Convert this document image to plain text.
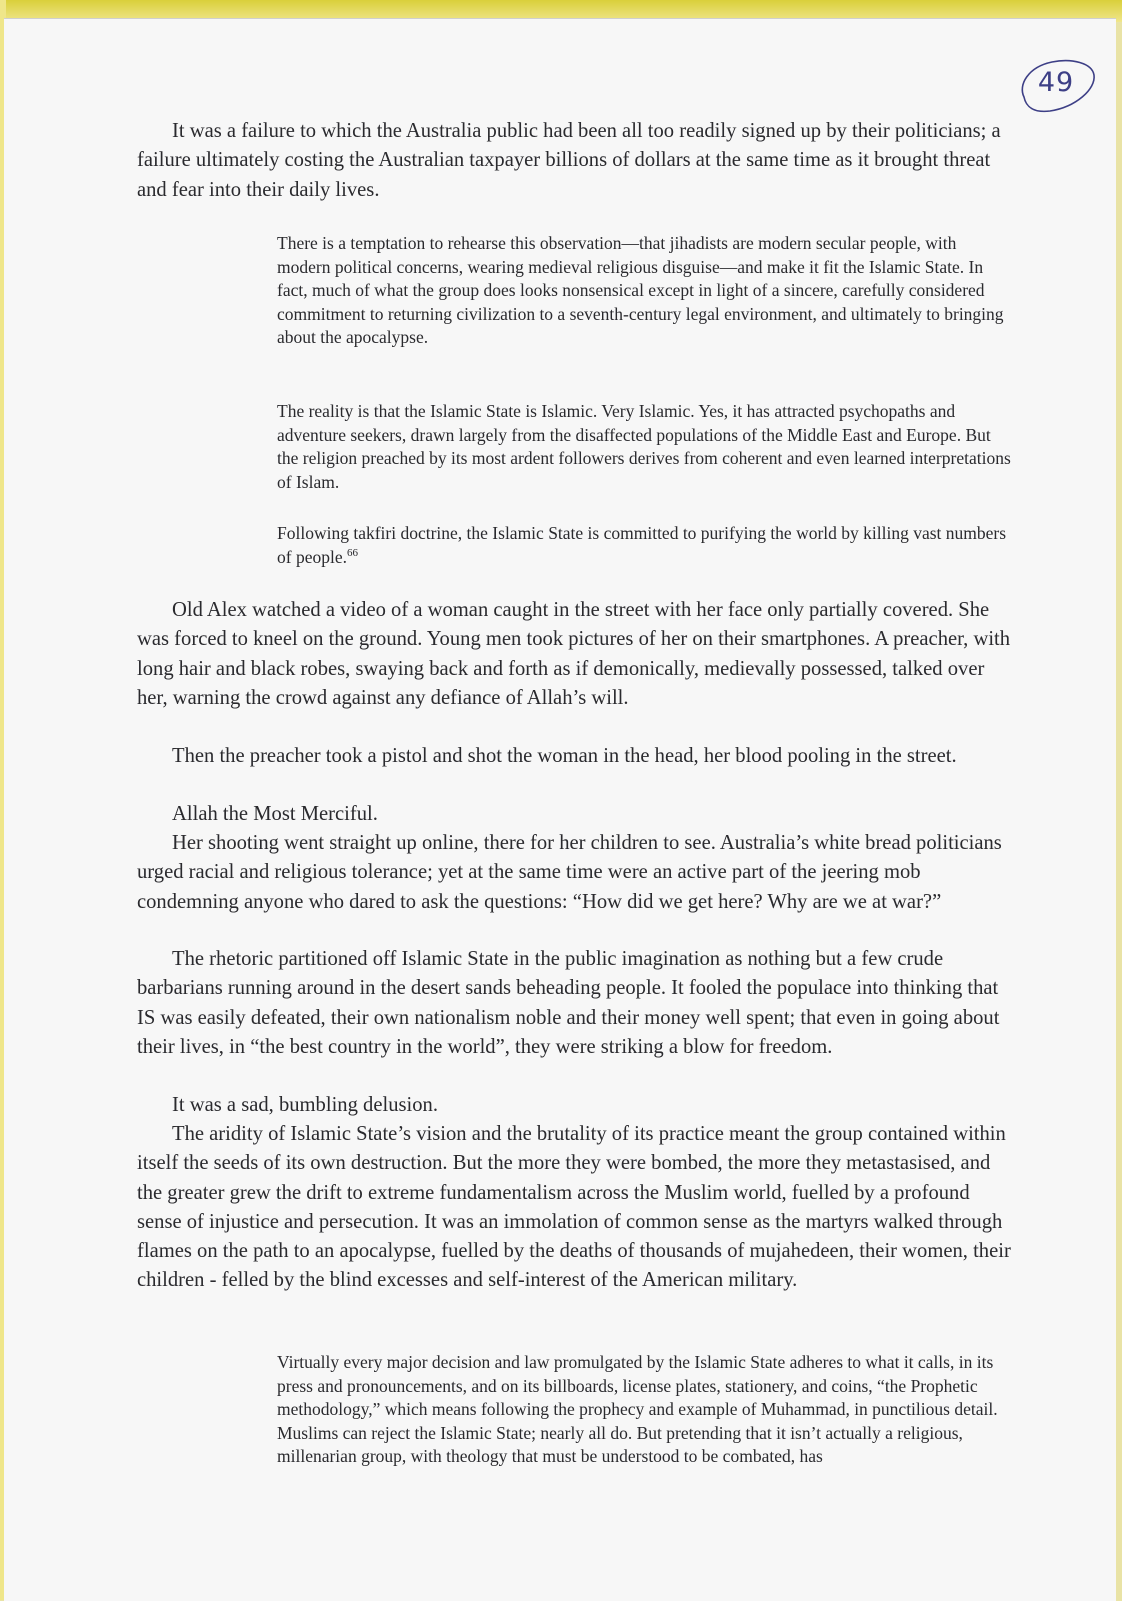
49

It was a failure to which the Australia public had been all too readily signed up by their politicians; a failure ultimately costing the Australian taxpayer billions of dollars at the same time as it brought threat and fear into their daily lives.

There is a temptation to rehearse this observation—that jihadists are modern secular people, with modern political concerns, wearing medieval religious disguise—and make it fit the Islamic State. In fact, much of what the group does looks nonsensical except in light of a sincere, carefully considered commitment to returning civilization to a seventh-century legal environment, and ultimately to bringing about the apocalypse.

The reality is that the Islamic State is Islamic. Very Islamic. Yes, it has attracted psychopaths and adventure seekers, drawn largely from the disaffected populations of the Middle East and Europe. But the religion preached by its most ardent followers derives from coherent and even learned interpretations of Islam.

Following takfiri doctrine, the Islamic State is committed to purifying the world by killing vast numbers of people.$^{66}$

Old Alex watched a video of a woman caught in the street with her face only partially covered. She was forced to kneel on the ground. Young men took pictures of her on their smartphones. A preacher, with long hair and black robes, swaying back and forth as if demonically, medievally possessed, talked over her, warning the crowd against any defiance of Allah’s will.

Then the preacher took a pistol and shot the woman in the head, her blood pooling in the street.

Allah the Most Merciful.

Her shooting went straight up online, there for her children to see. Australia’s white bread politicians urged racial and religious tolerance; yet at the same time were an active part of the jeering mob condemning anyone who dared to ask the questions: “How did we get here? Why are we at war?”

The rhetoric partitioned off Islamic State in the public imagination as nothing but a few crude barbarians running around in the desert sands beheading people. It fooled the populace into thinking that IS was easily defeated, their own nationalism noble and their money well spent; that even in going about their lives, in “the best country in the world”, they were striking a blow for freedom.

It was a sad, bumbling delusion.

The aridity of Islamic State’s vision and the brutality of its practice meant the group contained within itself the seeds of its own destruction. But the more they were bombed, the more they metastasised, and the greater grew the drift to extreme fundamentalism across the Muslim world, fuelled by a profound sense of injustice and persecution. It was an immolation of common sense as the martyrs walked through flames on the path to an apocalypse, fuelled by the deaths of thousands of mujahedeen, their women, their children - felled by the blind excesses and self-interest of the American military.

Virtually every major decision and law promulgated by the Islamic State adheres to what it calls, in its press and pronouncements, and on its billboards, license plates, stationery, and coins, “the Prophetic methodology,” which means following the prophecy and example of Muhammad, in punctilious detail. Muslims can reject the Islamic State; nearly all do. But pretending that it isn’t actually a religious, millenarian group, with theology that must be understood to be combated, has
